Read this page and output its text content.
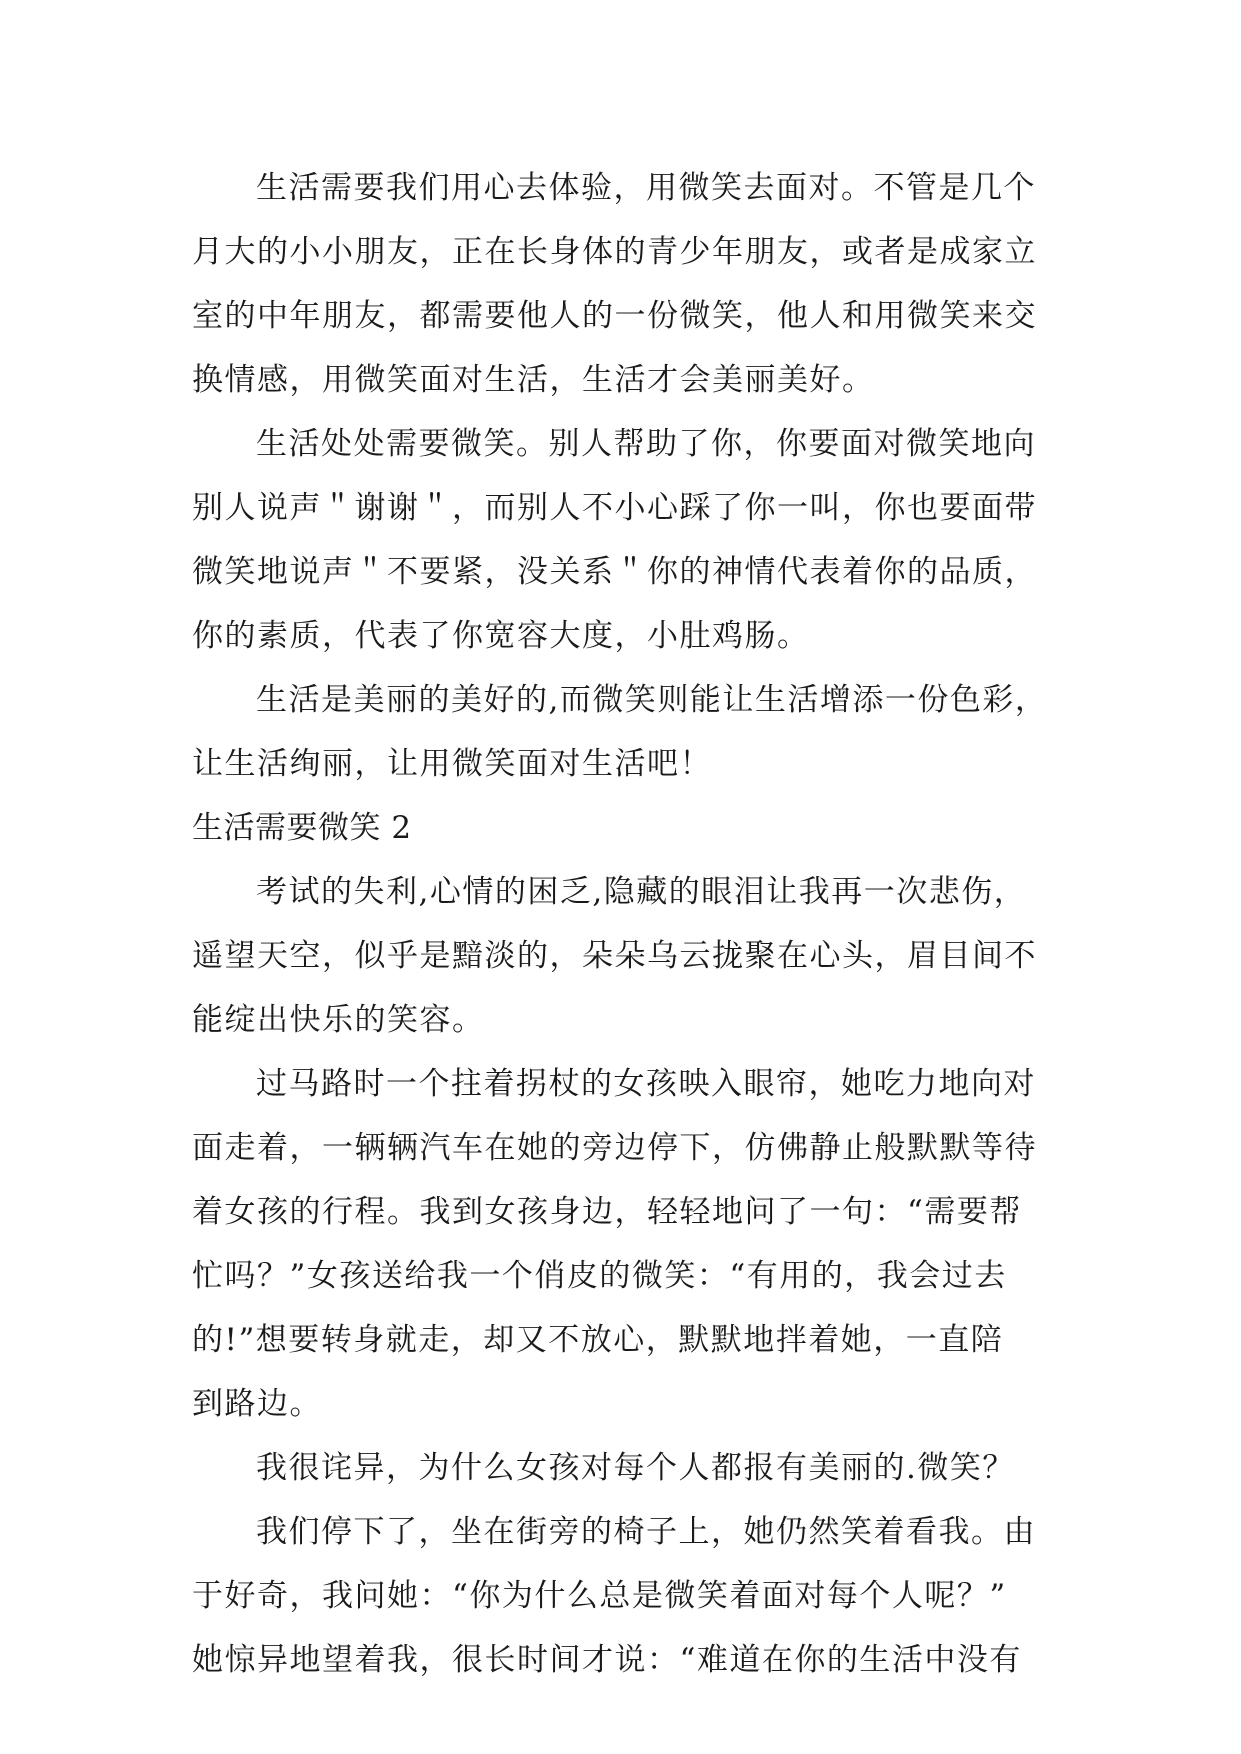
生活需要我们用心去体验，用微笑去面对。不管是几个
月大的小小朋友，正在长身体的青少年朋友，或者是成家立
室的中年朋友，都需要他人的一份微笑，他人和用微笑来交
换情感，用微笑面对生活，生活才会美丽美好。
生活处处需要微笑。别人帮助了你，你要面对微笑地向
别人说声＂谢谢＂，而别人不小心踩了你一叫，你也要面带
微笑地说声＂不要紧，没关系＂你的神情代表着你的品质，
你的素质，代表了你宽容大度，小肚鸡肠。
生活是美丽的美好的,而微笑则能让生活增添一份色彩，
让生活绚丽，让用微笑面对生活吧！
生活需要微笑 2
考试的失利,心情的困乏,隐藏的眼泪让我再一次悲伤，
遥望天空，似乎是黯淡的，朵朵乌云拢聚在心头，眉目间不
能绽出快乐的笑容。
过马路时一个拄着拐杖的女孩映入眼帘，她吃力地向对
面走着，一辆辆汽车在她的旁边停下，仿佛静止般默默等待
着女孩的行程。我到女孩身边，轻轻地问了一句：“需要帮
忙吗？”女孩送给我一个俏皮的微笑：“有用的，我会过去
的!”想要转身就走，却又不放心，默默地拌着她，一直陪
到路边。
我很诧异，为什么女孩对每个人都报有美丽的.微笑？
我们停下了，坐在街旁的椅子上，她仍然笑着看我。由
于好奇，我问她：“你为什么总是微笑着面对每个人呢？”
她惊异地望着我，很长时间才说：“难道在你的生活中没有
